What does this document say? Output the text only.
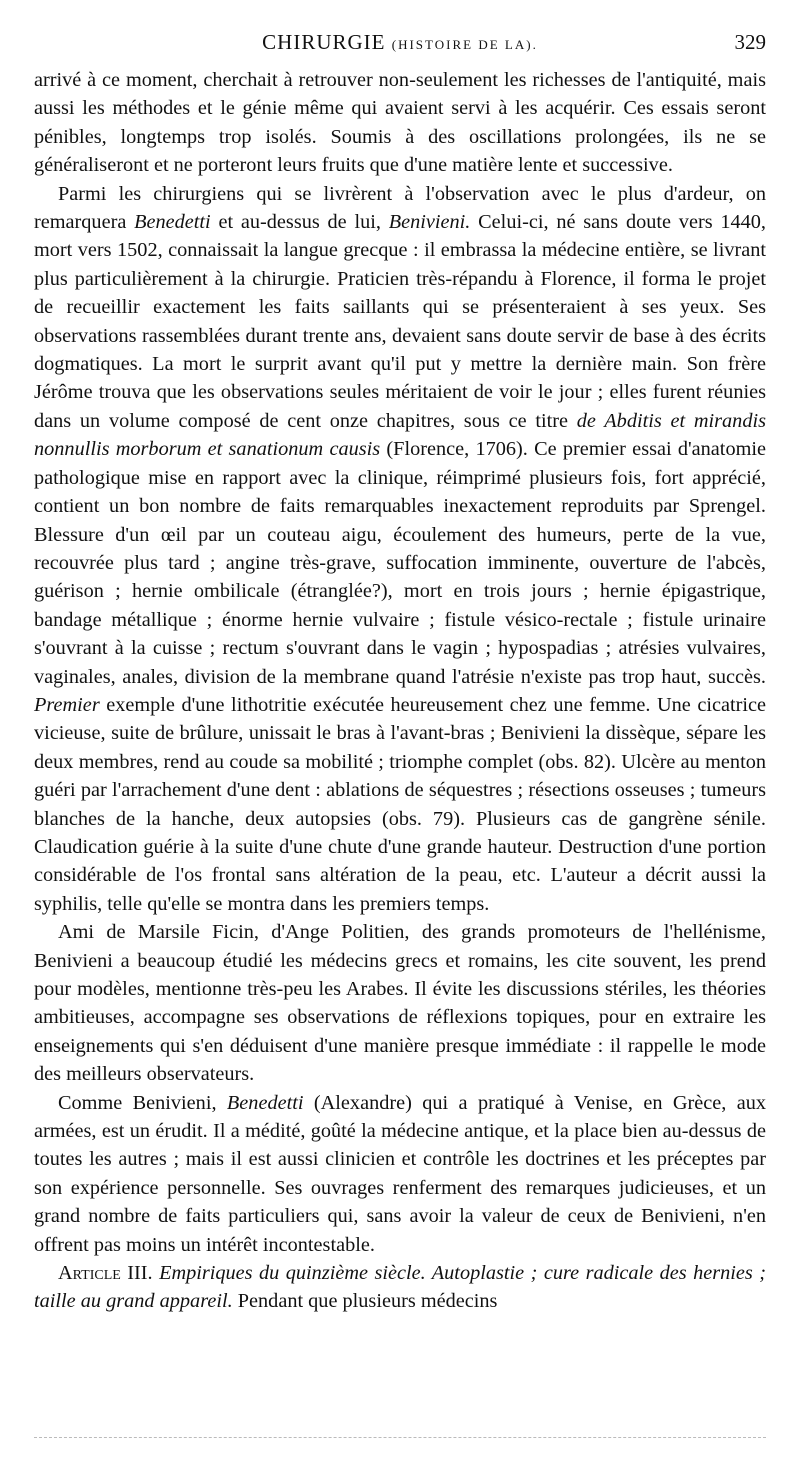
CHIRURGIE (HISTOIRE DE LA).	329

arrivé à ce moment, cherchait à retrouver non-seulement les richesses de l'antiquité, mais aussi les méthodes et le génie même qui avaient servi à les acquérir. Ces essais seront pénibles, longtemps trop isolés. Soumis à des oscillations prolongées, ils ne se généraliseront et ne porteront leurs fruits que d'une matière lente et successive.

Parmi les chirurgiens qui se livrèrent à l'observation avec le plus d'ardeur, on remarquera Benedetti et au-dessus de lui, Benivieni. Celui-ci, né sans doute vers 1440, mort vers 1502, connaissait la langue grecque : il embrassa la médecine entière, se livrant plus particulièrement à la chirurgie. Praticien très-répandu à Florence, il forma le projet de recueillir exactement les faits saillants qui se présenteraient à ses yeux. Ses observations rassemblées durant trente ans, devaient sans doute servir de base à des écrits dogmatiques. La mort le surprit avant qu'il put y mettre la dernière main. Son frère Jérôme trouva que les observations seules méritaient de voir le jour ; elles furent réunies dans un volume composé de cent onze chapitres, sous ce titre de Abditis et mirandis nonnullis morborum et sanationum causis (Florence, 1706). Ce premier essai d'anatomie pathologique mise en rapport avec la clinique, réimprimé plusieurs fois, fort apprécié, contient un bon nombre de faits remarquables inexactement reproduits par Sprengel. Blessure d'un œil par un couteau aigu, écoulement des humeurs, perte de la vue, recouvrée plus tard ; angine très-grave, suffocation imminente, ouverture de l'abcès, guérison ; hernie ombilicale (étranglée?), mort en trois jours ; hernie épigastrique, bandage métallique ; énorme hernie vulvaire ; fistule vésico-rectale ; fistule urinaire s'ouvrant à la cuisse ; rectum s'ouvrant dans le vagin ; hypospadias ; atrésies vulvaires, vaginales, anales, division de la membrane quand l'atrésie n'existe pas trop haut, succès. Premier exemple d'une lithotritie exécutée heureusement chez une femme. Une cicatrice vicieuse, suite de brûlure, unissait le bras à l'avant-bras ; Benivieni la dissèque, sépare les deux membres, rend au coude sa mobilité ; triomphe complet (obs. 82). Ulcère au menton guéri par l'arrachement d'une dent : ablations de séquestres ; résections osseuses ; tumeurs blanches de la hanche, deux autopsies (obs. 79). Plusieurs cas de gangrène sénile. Claudication guérie à la suite d'une chute d'une grande hauteur. Destruction d'une portion considérable de l'os frontal sans altération de la peau, etc. L'auteur a décrit aussi la syphilis, telle qu'elle se montra dans les premiers temps.

Ami de Marsile Ficin, d'Ange Politien, des grands promoteurs de l'hellénisme, Benivieni a beaucoup étudié les médecins grecs et romains, les cite souvent, les prend pour modèles, mentionne très-peu les Arabes. Il évite les discussions stériles, les théories ambitieuses, accompagne ses observations de réflexions topiques, pour en extraire les enseignements qui s'en déduisent d'une manière presque immédiate : il rappelle le mode des meilleurs observateurs.

Comme Benivieni, Benedetti (Alexandre) qui a pratiqué à Venise, en Grèce, aux armées, est un érudit. Il a médité, goûté la médecine antique, et la place bien au-dessus de toutes les autres ; mais il est aussi clinicien et contrôle les doctrines et les préceptes par son expérience personnelle. Ses ouvrages renferment des remarques judicieuses, et un grand nombre de faits particuliers qui, sans avoir la valeur de ceux de Benivieni, n'en offrent pas moins un intérêt incontestable.

Article III. Empiriques du quinzième siècle. Autoplastie ; cure radicale des hernies ; taille au grand appareil. Pendant que plusieurs médecins
